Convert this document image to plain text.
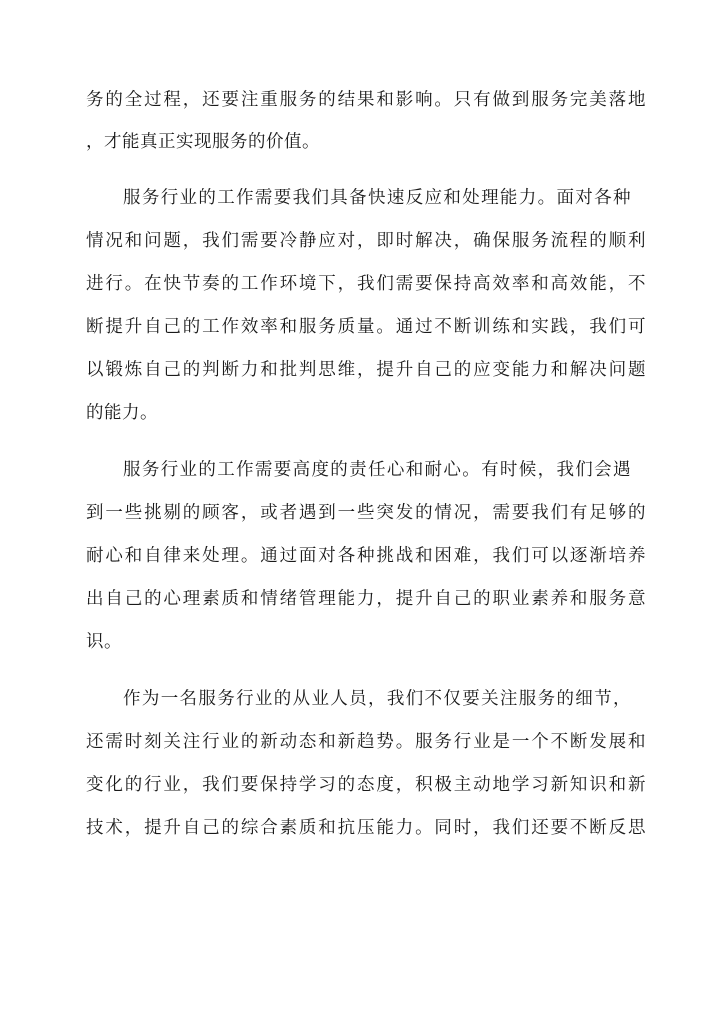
务的全过程，还要注重服务的结果和影响。只有做到服务完美落地
，才能真正实现服务的价值。
服务行业的工作需要我们具备快速反应和处理能力。面对各种
情况和问题，我们需要冷静应对，即时解决，确保服务流程的顺利
进行。在快节奏的工作环境下，我们需要保持高效率和高效能，不
断提升自己的工作效率和服务质量。通过不断训练和实践，我们可
以锻炼自己的判断力和批判思维，提升自己的应变能力和解决问题
的能力。
服务行业的工作需要高度的责任心和耐心。有时候，我们会遇
到一些挑剔的顾客，或者遇到一些突发的情况，需要我们有足够的
耐心和自律来处理。通过面对各种挑战和困难，我们可以逐渐培养
出自己的心理素质和情绪管理能力，提升自己的职业素养和服务意
识。
作为一名服务行业的从业人员，我们不仅要关注服务的细节，
还需时刻关注行业的新动态和新趋势。服务行业是一个不断发展和
变化的行业，我们要保持学习的态度，积极主动地学习新知识和新
技术，提升自己的综合素质和抗压能力。同时，我们还要不断反思
